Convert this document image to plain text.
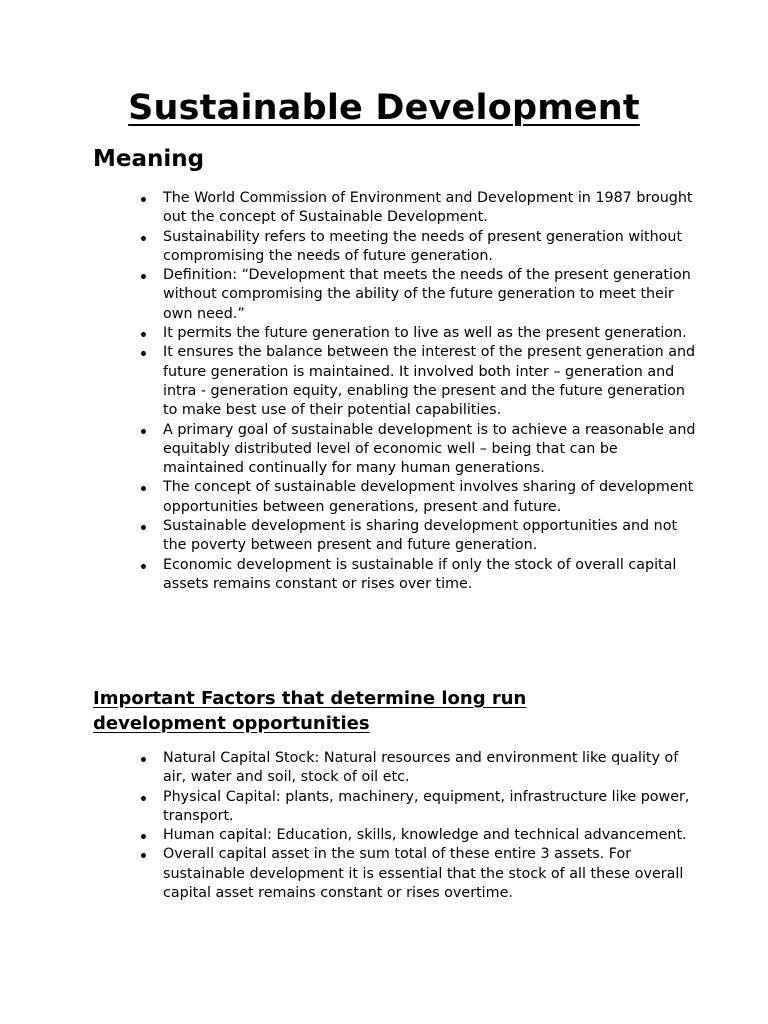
Sustainable Development
Meaning
The World Commission of Environment and Development in 1987 brought out the concept of Sustainable Development.
Sustainability refers to meeting the needs of present generation without compromising the needs of future generation.
Definition: “Development that meets the needs of the present generation without compromising the ability of the future generation to meet their own need.”
It permits the future generation to live as well as the present generation.
It ensures the balance between the interest of the present generation and future generation is maintained. It involved both inter – generation and intra - generation equity, enabling the present and the future generation to make best use of their potential capabilities.
A primary goal of sustainable development is to achieve a reasonable and equitably distributed level of economic well – being that can be maintained continually for many human generations.
The concept of sustainable development involves sharing of development opportunities between generations, present and future.
Sustainable development is sharing development opportunities and not the poverty between present and future generation.
Economic development is sustainable if only the stock of overall capital assets remains constant or rises over time.
Important Factors that determine long run development opportunities
Natural Capital Stock: Natural resources and environment like quality of air, water and soil, stock of oil etc.
Physical Capital: plants, machinery, equipment, infrastructure like power, transport.
Human capital: Education, skills, knowledge and technical advancement.
Overall capital asset in the sum total of these entire 3 assets. For sustainable development it is essential that the stock of all these overall capital asset remains constant or rises overtime.
